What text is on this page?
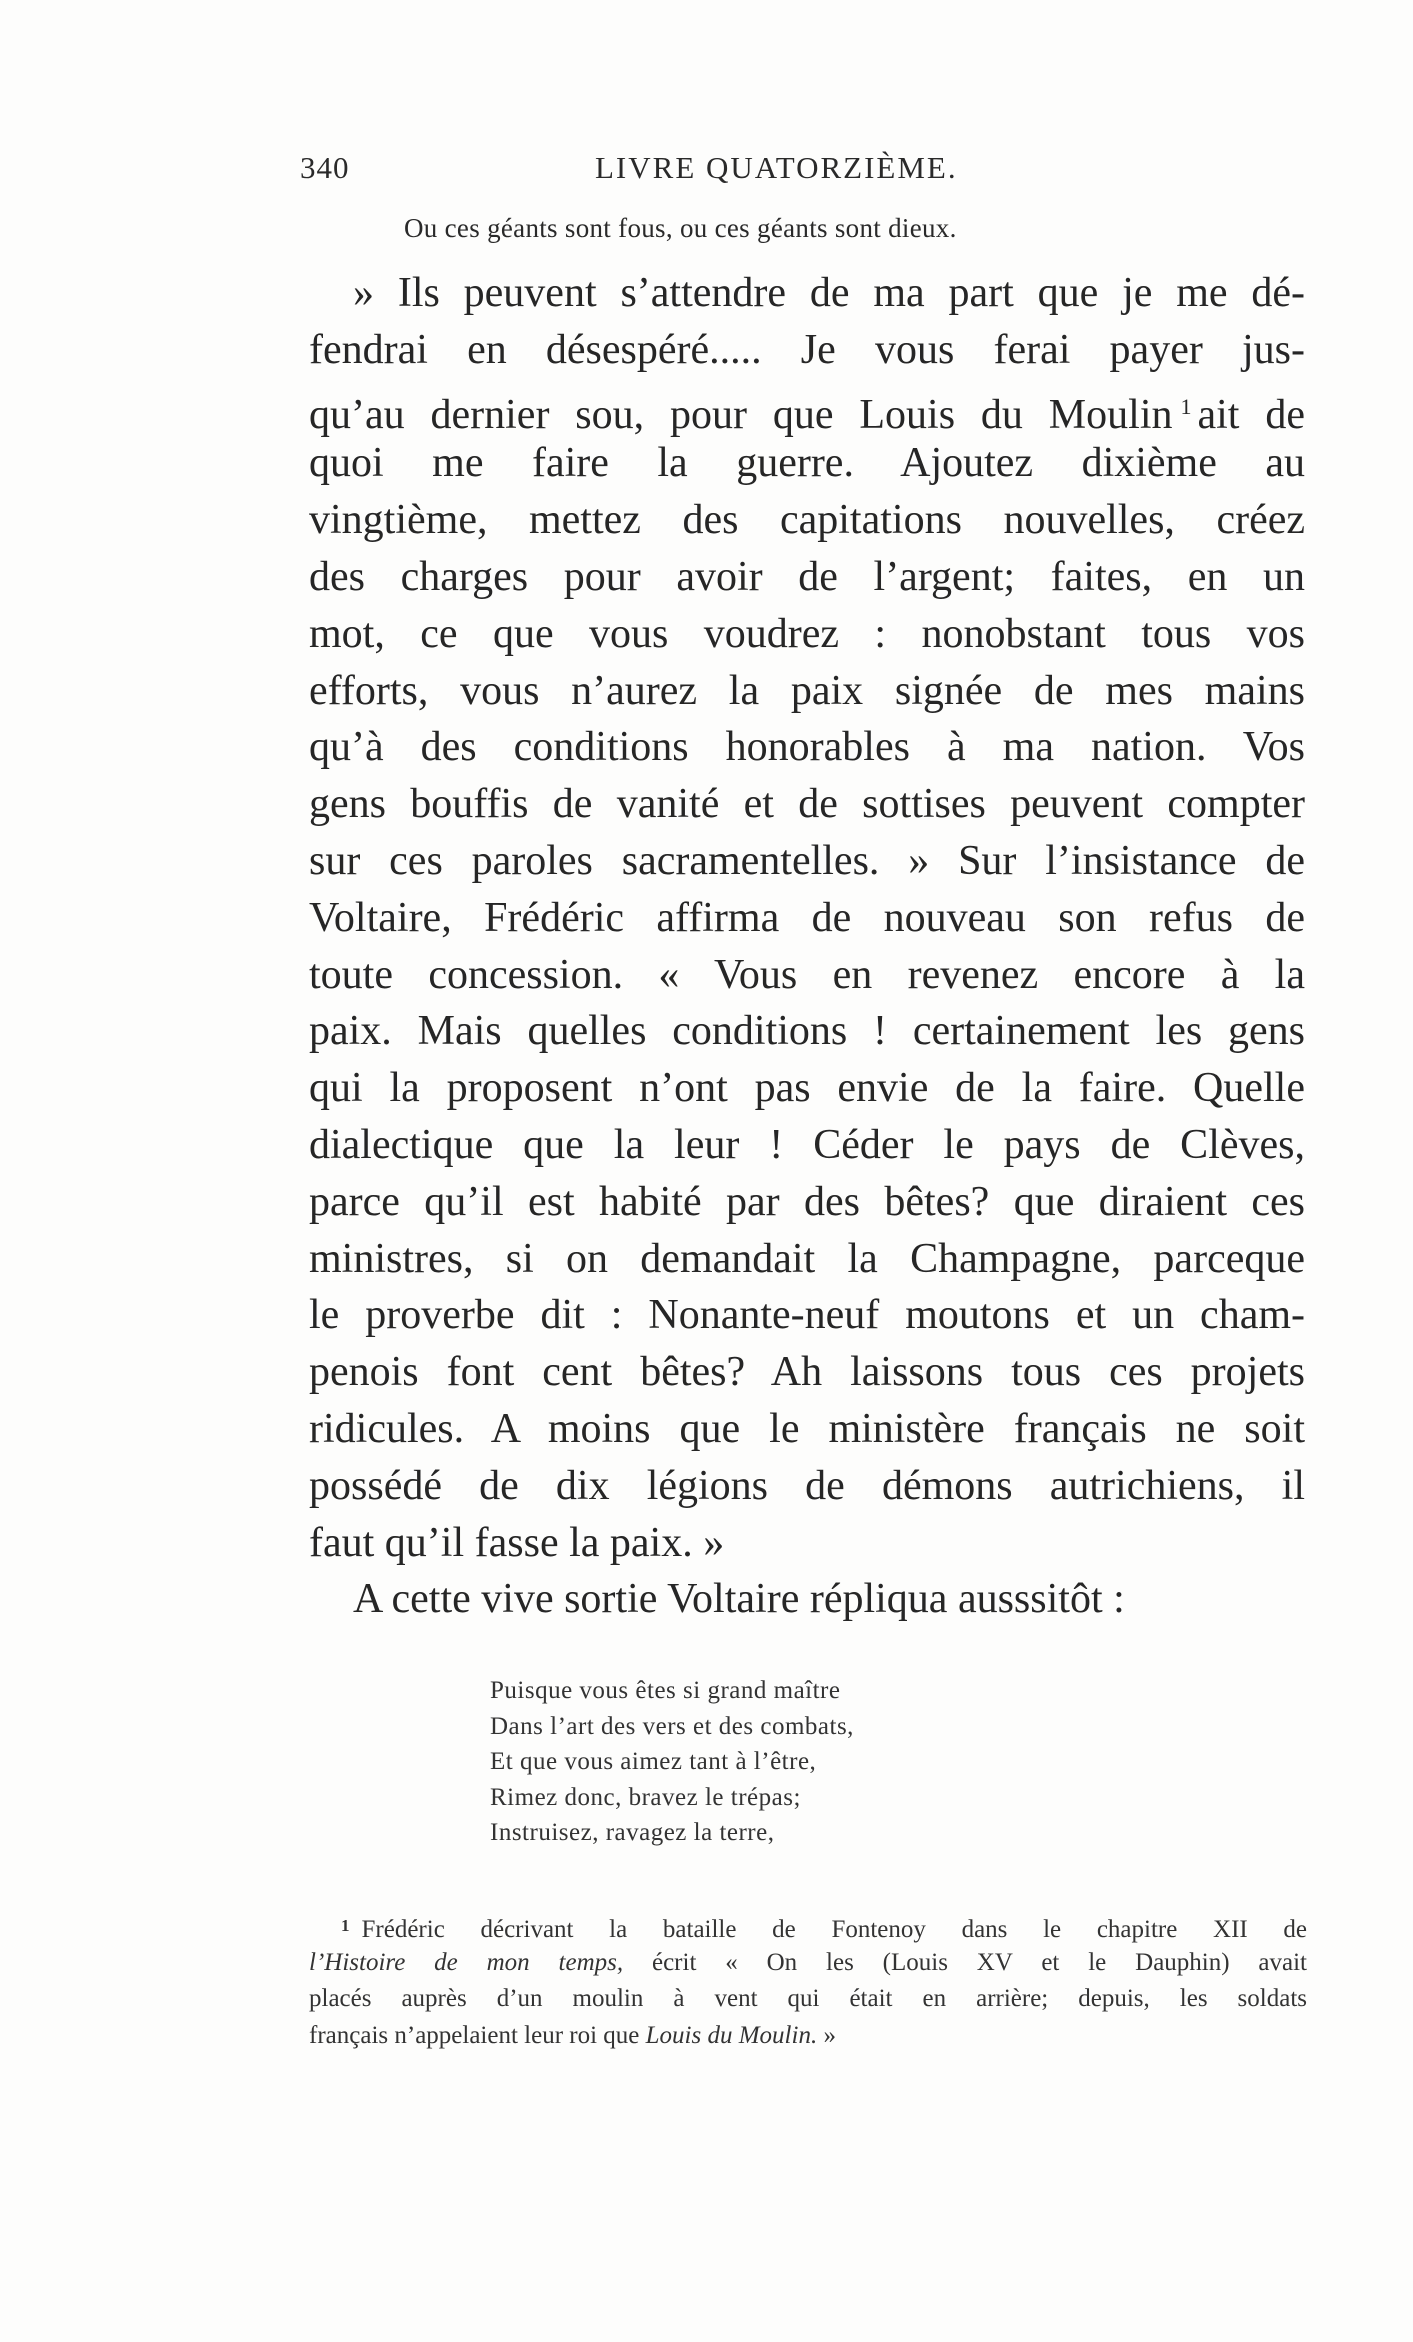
340	LIVRE QUATORZIÈME.
Ou ces géants sont fous, ou ces géants sont dieux.
» Ils peuvent s’attendre de ma part que je me dé-
fendrai en désespéré..... Je vous ferai payer jus-
qu’au dernier sou, pour que Louis du Moulin $^1$ ait de
quoi me faire la guerre. Ajoutez dixième au
vingtième, mettez des capitations nouvelles, créez
des charges pour avoir de l’argent; faites, en un
mot, ce que vous voudrez : nonobstant tous vos
efforts, vous n’aurez la paix signée de mes mains
qu’à des conditions honorables à ma nation. Vos
gens bouffis de vanité et de sottises peuvent compter
sur ces paroles sacramentelles. » Sur l’insistance de
Voltaire, Frédéric affirma de nouveau son refus de
toute concession. « Vous en revenez encore à la
paix. Mais quelles conditions ! certainement les gens
qui la proposent n’ont pas envie de la faire. Quelle
dialectique que la leur ! Céder le pays de Clèves,
parce qu’il est habité par des bêtes? que diraient ces
ministres, si on demandait la Champagne, parceque
le proverbe dit : Nonante-neuf moutons et un cham-
penois font cent bêtes? Ah laissons tous ces projets
ridicules. A moins que le ministère français ne soit
possédé de dix légions de démons autrichiens, il
faut qu’il fasse la paix. »
A cette vive sortie Voltaire répliqua ausssitôt :
Puisque vous êtes si grand maître
Dans l’art des vers et des combats,
Et que vous aimez tant à l’être,
Rimez donc, bravez le trépas;
Instruisez, ravagez la terre,
$^1$ Frédéric décrivant la bataille de Fontenoy dans le chapitre XII de
l’Histoire de mon temps, écrit « On les (Louis XV et le Dauphin) avait
placés auprès d’un moulin à vent qui était en arrière; depuis, les soldats
français n’appelaient leur roi que Louis du Moulin. »
